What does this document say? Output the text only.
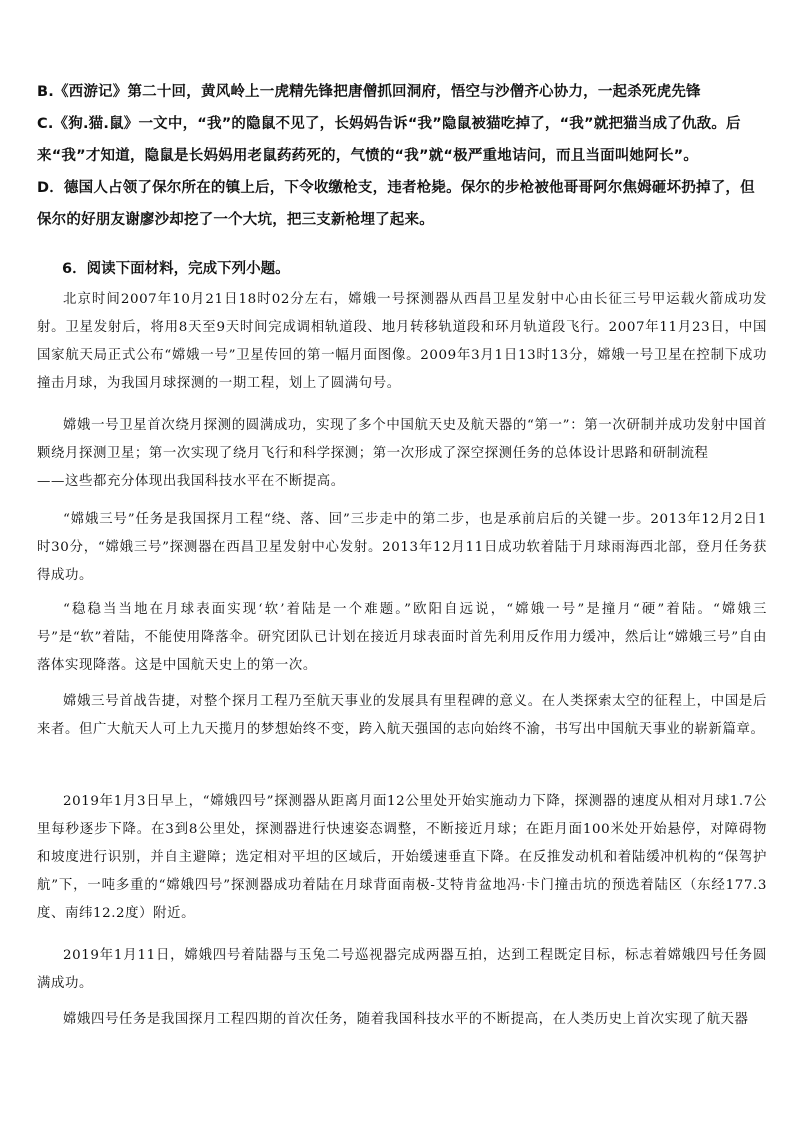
B.《西游记》第二十回，黄风岭上一虎精先锋把唐僧抓回洞府，悟空与沙僧齐心协力，一起杀死虎先锋

C.《狗.猫.鼠》一文中，“我”的隐鼠不见了，长妈妈告诉“我”隐鼠被猫吃掉了，“我”就把猫当成了仇敌。后来“我”才知道，隐鼠是长妈妈用老鼠药药死的，气愤的“我”就“极严重地诘问，而且当面叫她阿长”。

D．德国人占领了保尔所在的镇上后，下令收缴枪支，违者枪毙。保尔的步枪被他哥哥阿尔焦姆砸坏扔掉了，但保尔的好朋友谢廖沙却挖了一个大坑，把三支新枪埋了起来。

6．阅读下面材料，完成下列小题。

北京时间2007年10月21日18时02分左右，嫦娥一号探测器从西昌卫星发射中心由长征三号甲运载火箭成功发射。卫星发射后，将用8天至9天时间完成调相轨道段、地月转移轨道段和环月轨道段飞行。2007年11月23日，中国国家航天局正式公布“嫦娥一号”卫星传回的第一幅月面图像。2009年3月1日13时13分，嫦娥一号卫星在控制下成功撞击月球，为我国月球探测的一期工程，划上了圆满句号。

嫦娥一号卫星首次绕月探测的圆满成功，实现了多个中国航天史及航天器的“第一”：第一次研制并成功发射中国首颗绕月探测卫星；第一次实现了绕月飞行和科学探测；第一次形成了深空探测任务的总体设计思路和研制流程

——这些都充分体现出我国科技水平在不断提高。

“嫦娥三号”任务是我国探月工程“绕、落、回”三步走中的第二步，也是承前启后的关键一步。2013年12月2日1时30分，“嫦娥三号”探测器在西昌卫星发射中心发射。2013年12月11日成功软着陆于月球雨海西北部，登月任务获得成功。

“稳稳当当地在月球表面实现‘软’着陆是一个难题。”欧阳自远说，“嫦娥一号”是撞月“硬”着陆。“嫦娥三号”是“软”着陆，不能使用降落伞。研究团队已计划在接近月球表面时首先利用反作用力缓冲，然后让“嫦娥三号”自由落体实现降落。这是中国航天史上的第一次。

嫦娥三号首战告捷，对整个探月工程乃至航天事业的发展具有里程碑的意义。在人类探索太空的征程上，中国是后来者。但广大航天人可上九天揽月的梦想始终不变，跨入航天强国的志向始终不渝，书写出中国航天事业的崭新篇章。

2019年1月3日早上，“嫦娥四号”探测器从距离月面12公里处开始实施动力下降，探测器的速度从相对月球1.7公里每秒逐步下降。在3到8公里处，探测器进行快速姿态调整，不断接近月球；在距月面100米处开始悬停，对障碍物和坡度进行识别，并自主避障；选定相对平坦的区域后，开始缓速垂直下降。在反推发动机和着陆缓冲机构的“保驾护航”下，一吨多重的“嫦娥四号”探测器成功着陆在月球背面南极-艾特肯盆地冯·卡门撞击坑的预选着陆区（东经177.3度、南纬12.2度）附近。

2019年1月11日，嫦娥四号着陆器与玉兔二号巡视器完成两器互拍，达到工程既定目标，标志着嫦娥四号任务圆满成功。

嫦娥四号任务是我国探月工程四期的首次任务，随着我国科技水平的不断提高，在人类历史上首次实现了航天器
